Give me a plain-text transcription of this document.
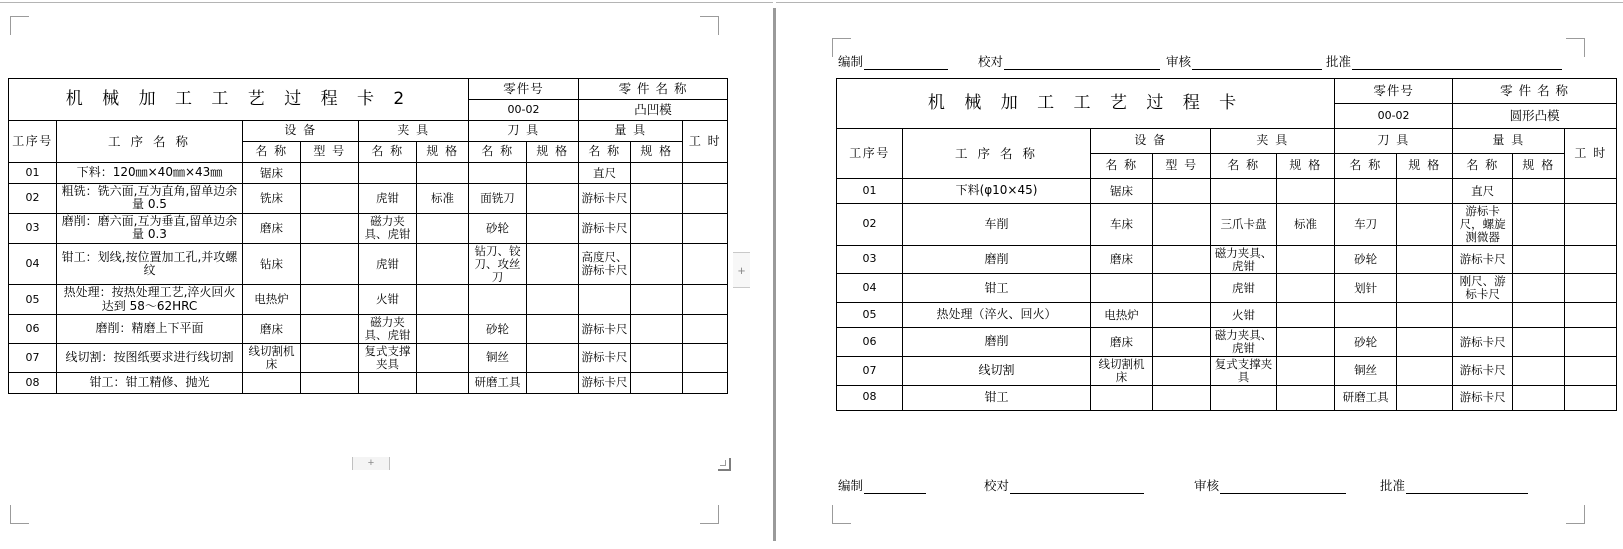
机 械 加 工 工 艺 过 程 卡 2						零件号		零 件 名 称		
						00-02		凸凹模		
工序号	工 序 名 称	设 备		夹 具		刀 具		量 具		工 时
		名 称	型 号	名 称	规 格	名 称	规 格	名 称	规 格	
01	下料：120㎜×40㎜×43㎜	锯床						直尺		
02	粗铣：铣六面,互为直角,留单边余量 0.5	铣床		虎钳	标准	面铣刀		游标卡尺		
03	磨削：磨六面,互为垂直,留单边余量 0.3	磨床		磁力夹具、虎钳		砂轮		游标卡尺		
04	钳工：划线,按位置加工孔,并攻螺纹	钻床		虎钳		钻刀、铰刀、攻丝刀		高度尺、游标卡尺		
05	热处理：按热处理工艺,淬火回火达到 58～62HRC	电热炉		火钳						
06	磨削：精磨上下平面	磨床		磁力夹具、虎钳		砂轮		游标卡尺		
07	线切割：按图纸要求进行线切割	线切割机床		复式支撑夹具		铜丝		游标卡尺		
08	钳工：钳工精修、抛光					研磨工具		游标卡尺		
+
+
编制	校对	审核	批准
机 械 加 工 工 艺 过 程 卡						零件号		零 件 名 称		
						00-02		圆形凸模		
工序号	工 序 名 称	设 备		夹 具		刀 具		量 具		工 时
		名 称	型 号	名 称	规 格	名 称	规 格	名 称	规 格	
01	下料(φ10×45)	锯床						直尺		
02	车削	车床		三爪卡盘	标准	车刀		游标卡尺，螺旋测微器		
03	磨削	磨床		磁力夹具、虎钳		砂轮		游标卡尺		
04	钳工			虎钳		划针		刚尺、游标卡尺		
05	热处理（淬火、回火）	电热炉		火钳						
06	磨削	磨床		磁力夹具、虎钳		砂轮		游标卡尺		
07	线切割	线切割机床		复式支撑夹具		铜丝		游标卡尺		
08	钳工					研磨工具		游标卡尺		
编制	校对	审核	批准
